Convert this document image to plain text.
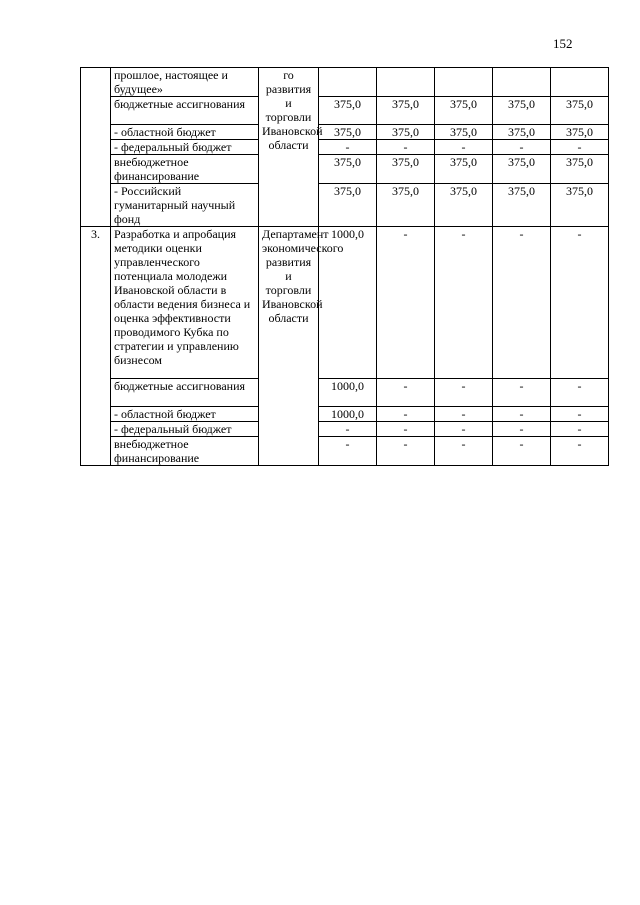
152
	прошлое, настоящее и будущее»	го развития и торговли Ивановской области					
	бюджетные ассигнования		375,0	375,0	375,0	375,0	375,0
	- областной бюджет		375,0	375,0	375,0	375,0	375,0
	- федеральный бюджет		-	-	-	-	-
	внебюджетное финансирование		375,0	375,0	375,0	375,0	375,0
	- Российский гуманитарный научный фонд		375,0	375,0	375,0	375,0	375,0
3.	Разработка и апробация методики оценки управленческого потенциала молодежи Ивановской области в области ведения бизнеса и оценка эффективности проводимого Кубка по стратегии и управлению бизнесом	Департамент экономического развития и торговли Ивановской области	1000,0	-	-	-	-
	бюджетные ассигнования		1000,0	-	-	-	-
	- областной бюджет		1000,0	-	-	-	-
	- федеральный бюджет		-	-	-	-	-
	внебюджетное финансирование		-	-	-	-	-
